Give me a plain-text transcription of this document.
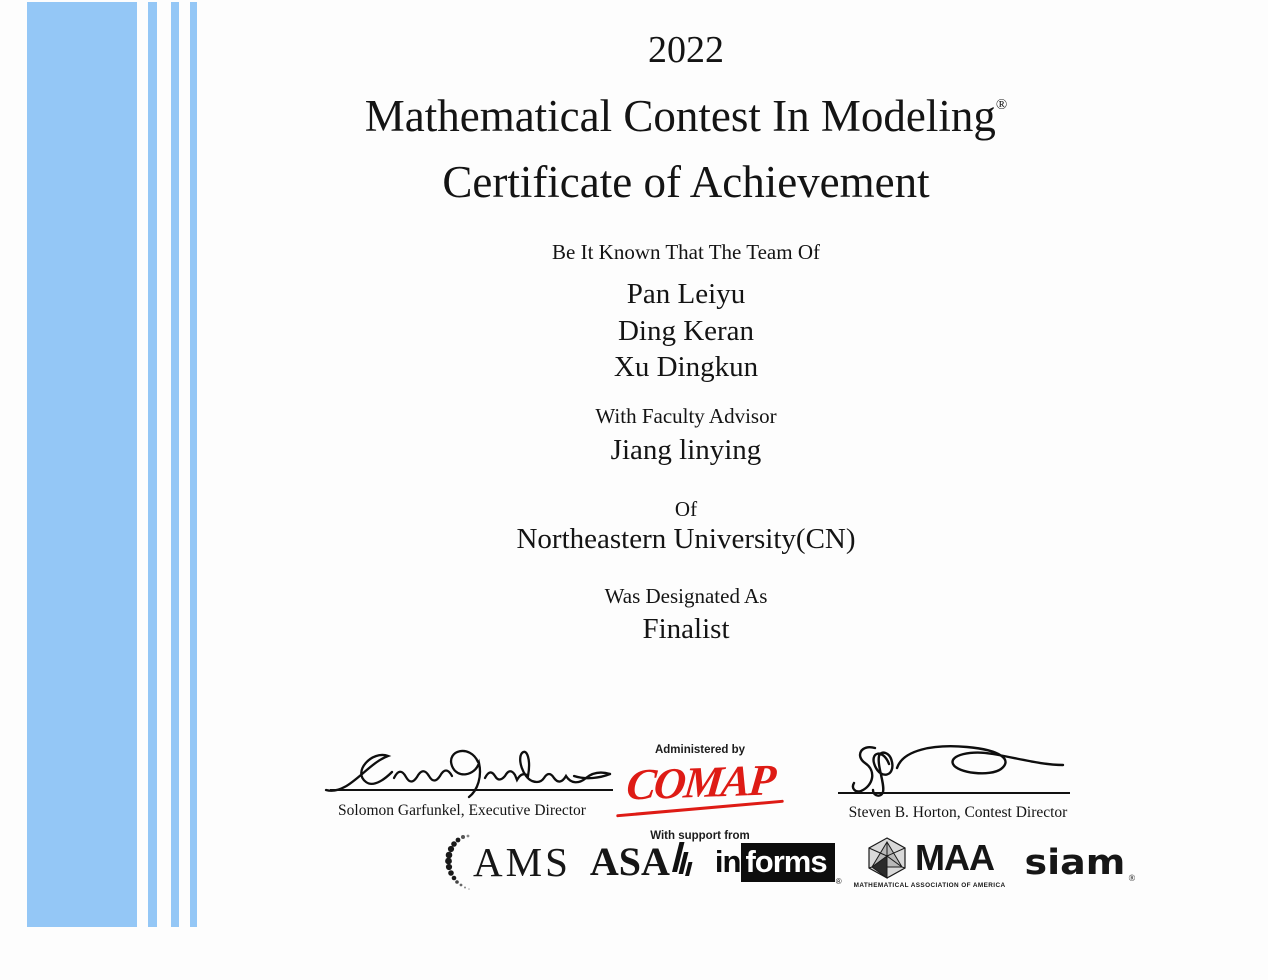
2022
Mathematical Contest In Modeling®
Certificate of Achievement
Be It Known That The Team Of
Pan Leiyu
Ding Keran
Xu Dingkun
With Faculty Advisor
Jiang linying
Of
Northeastern University(CN)
Was Designated As
Finalist
Solomon Garfunkel, Executive Director	Steven B. Horton, Contest Director
Administered by
COMAP
With support from
AMS ASA in forms
®
MAA
MATHEMATICAL ASSOCIATION OF AMERICA
siam ®
